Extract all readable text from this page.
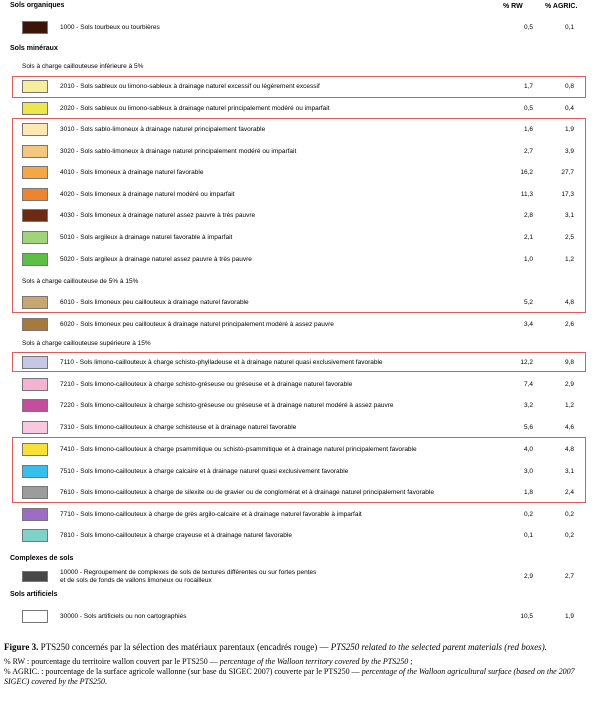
% RW	% AGRIC.
Sols organiques
1000 - Sols tourbeux ou tourbières	0,5	0,1
Sols minéraux
Sols à charge caillouteuse inférieure à 5%
2010 - Sols sableux ou limono-sableux à drainage naturel excessif ou légèrement excessif	1,7	0,8
2020 - Sols sableux ou limono-sableux à drainage naturel principalement modéré ou imparfait	0,5	0,4
3010 - Sols sablo-limoneux à drainage naturel principalement favorable	1,6	1,9
3020 - Sols sablo-limoneux à drainage naturel principalement modéré ou imparfait	2,7	3,9
4010 - Sols limoneux à drainage naturel favorable	16,2	27,7
4020 - Sols limoneux à drainage naturel modéré ou imparfait	11,3	17,3
4030 - Sols limoneux à drainage naturel assez pauvre à très pauvre	2,8	3,1
5010 - Sols argileux à drainage naturel favorable à imparfait	2,1	2,5
5020 - Sols argileux à drainage naturel assez pauvre à très pauvre	1,0	1,2
Sols à charge caillouteuse de 5% à 15%
6010 - Sols limoneux peu caillouteux à drainage naturel favorable	5,2	4,8
6020 - Sols limoneux peu caillouteux à drainage naturel principalement modéré à assez pauvre	3,4	2,6
Sols à charge caillouteuse supérieure à 15%
7110 - Sols limono-caillouteux à charge schisto-phylladeuse et à drainage naturel quasi exclusivement favorable	12,2	9,8
7210 - Sols limono-caillouteux à charge schisto-gréseuse ou gréseuse et à drainage naturel favorable	7,4	2,9
7220 - Sols limono-caillouteux à charge schisto-gréseuse ou gréseuse et à drainage naturel modéré à assez pauvre	3,2	1,2
7310 - Sols limono-caillouteux à charge schisteuse et à drainage naturel favorable	5,6	4,6
7410 - Sols limono-caillouteux à charge psammitique ou schisto-psammitique et à drainage naturel principalement favorable	4,0	4,8
7510 - Sols limono-caillouteux à charge calcaire et à drainage naturel quasi exclusivement favorable	3,0	3,1
7610 - Sols limono-caillouteux à charge de silexite ou de gravier ou de conglomérat et à drainage naturel principalement favorable	1,8	2,4
7710 - Sols limono-caillouteux à charge de grès argilo-calcaire et à drainage naturel favorable à imparfait	0,2	0,2
7810 - Sols limono-caillouteux à charge crayeuse et à drainage naturel favorable	0,1	0,2
Complexes de sols
10000 - Regroupement de complexes de sols de textures différentes ou sur fortes pentes
et de sols de fonds de vallons limoneux ou rocailleux	2,9	2,7
Sols artificiels
30000 - Sols artificiels ou non cartographiés	10,5	1,9

Figure 3. PTS250 concernés par la sélection des matériaux parentaux (encadrés rouge) — PTS250 related to the selected parent materials (red boxes).

% RW : pourcentage du territoire wallon couvert par le PTS250 — percentage of the Walloon territory covered by the PTS250 ;

% AGRIC. : pourcentage de la surface agricole wallonne (sur base du SIGEC 2007) couverte par le PTS250 — percentage of the Walloon agricultural surface (based on the 2007 SIGEC) covered by the PTS250.
